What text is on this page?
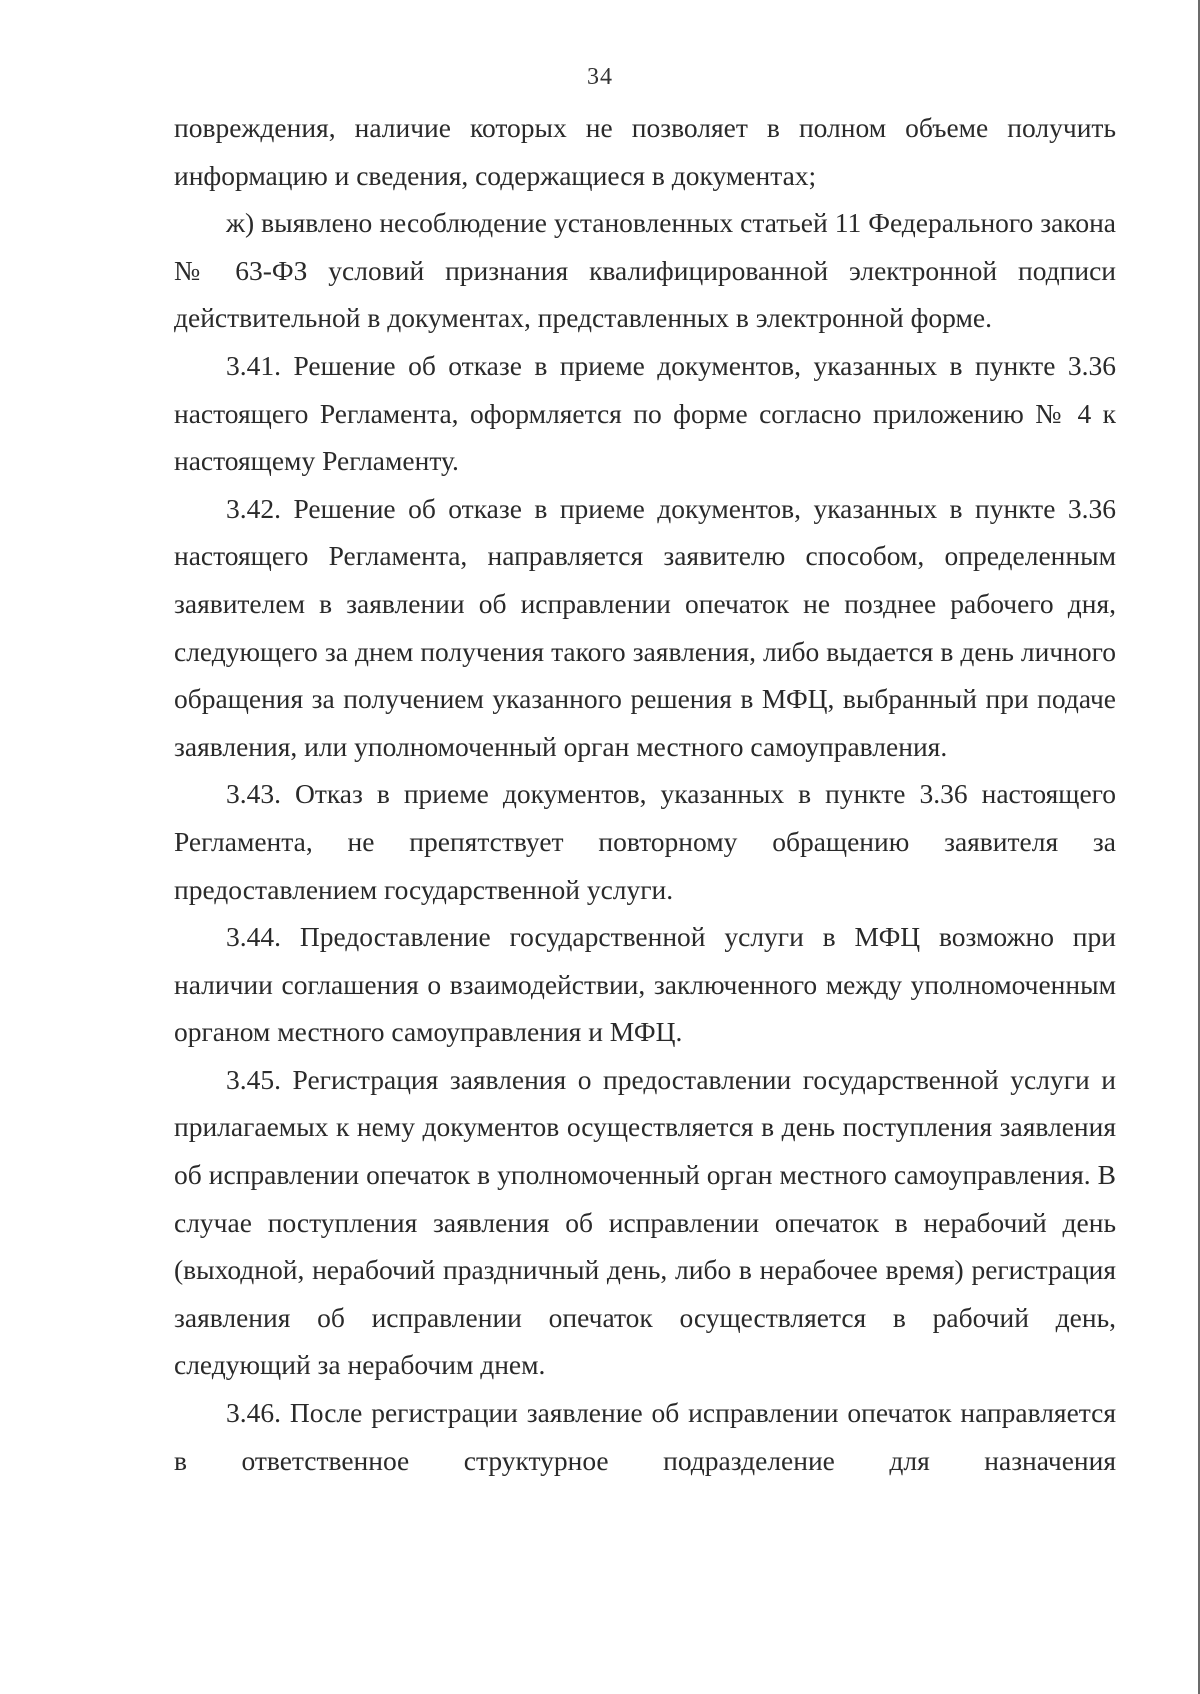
34

повреждения, наличие которых не позволяет в полном объеме получить информацию и сведения, содержащиеся в документах;

ж) выявлено несоблюдение установленных статьей 11 Федерального закона № 63-ФЗ условий признания квалифицированной электронной подписи действительной в документах, представленных в электронной форме.

3.41. Решение об отказе в приеме документов, указанных в пункте 3.36 настоящего Регламента, оформляется по форме согласно приложению № 4 к настоящему Регламенту.

3.42. Решение об отказе в приеме документов, указанных в пункте 3.36 настоящего Регламента, направляется заявителю способом, определенным заявителем в заявлении об исправлении опечаток не позднее рабочего дня, следующего за днем получения такого заявления, либо выдается в день личного обращения за получением указанного решения в МФЦ, выбранный при подаче заявления, или уполномоченный орган местного самоуправления.

3.43. Отказ в приеме документов, указанных в пункте 3.36 настоящего Регламента, не препятствует повторному обращению заявителя за предоставлением государственной услуги.

3.44. Предоставление государственной услуги в МФЦ возможно при наличии соглашения о взаимодействии, заключенного между уполномоченным органом местного самоуправления и МФЦ.

3.45. Регистрация заявления о предоставлении государственной услуги и прилагаемых к нему документов осуществляется в день поступления заявления об исправлении опечаток в уполномоченный орган местного самоуправления. В случае поступления заявления об исправлении опечаток в нерабочий день (выходной, нерабочий праздничный день, либо в нерабочее время) регистрация заявления об исправлении опечаток осуществляется в рабочий день, следующий за нерабочим днем.

3.46. После регистрации заявление об исправлении опечаток направляется в ответственное структурное подразделение для назначения
